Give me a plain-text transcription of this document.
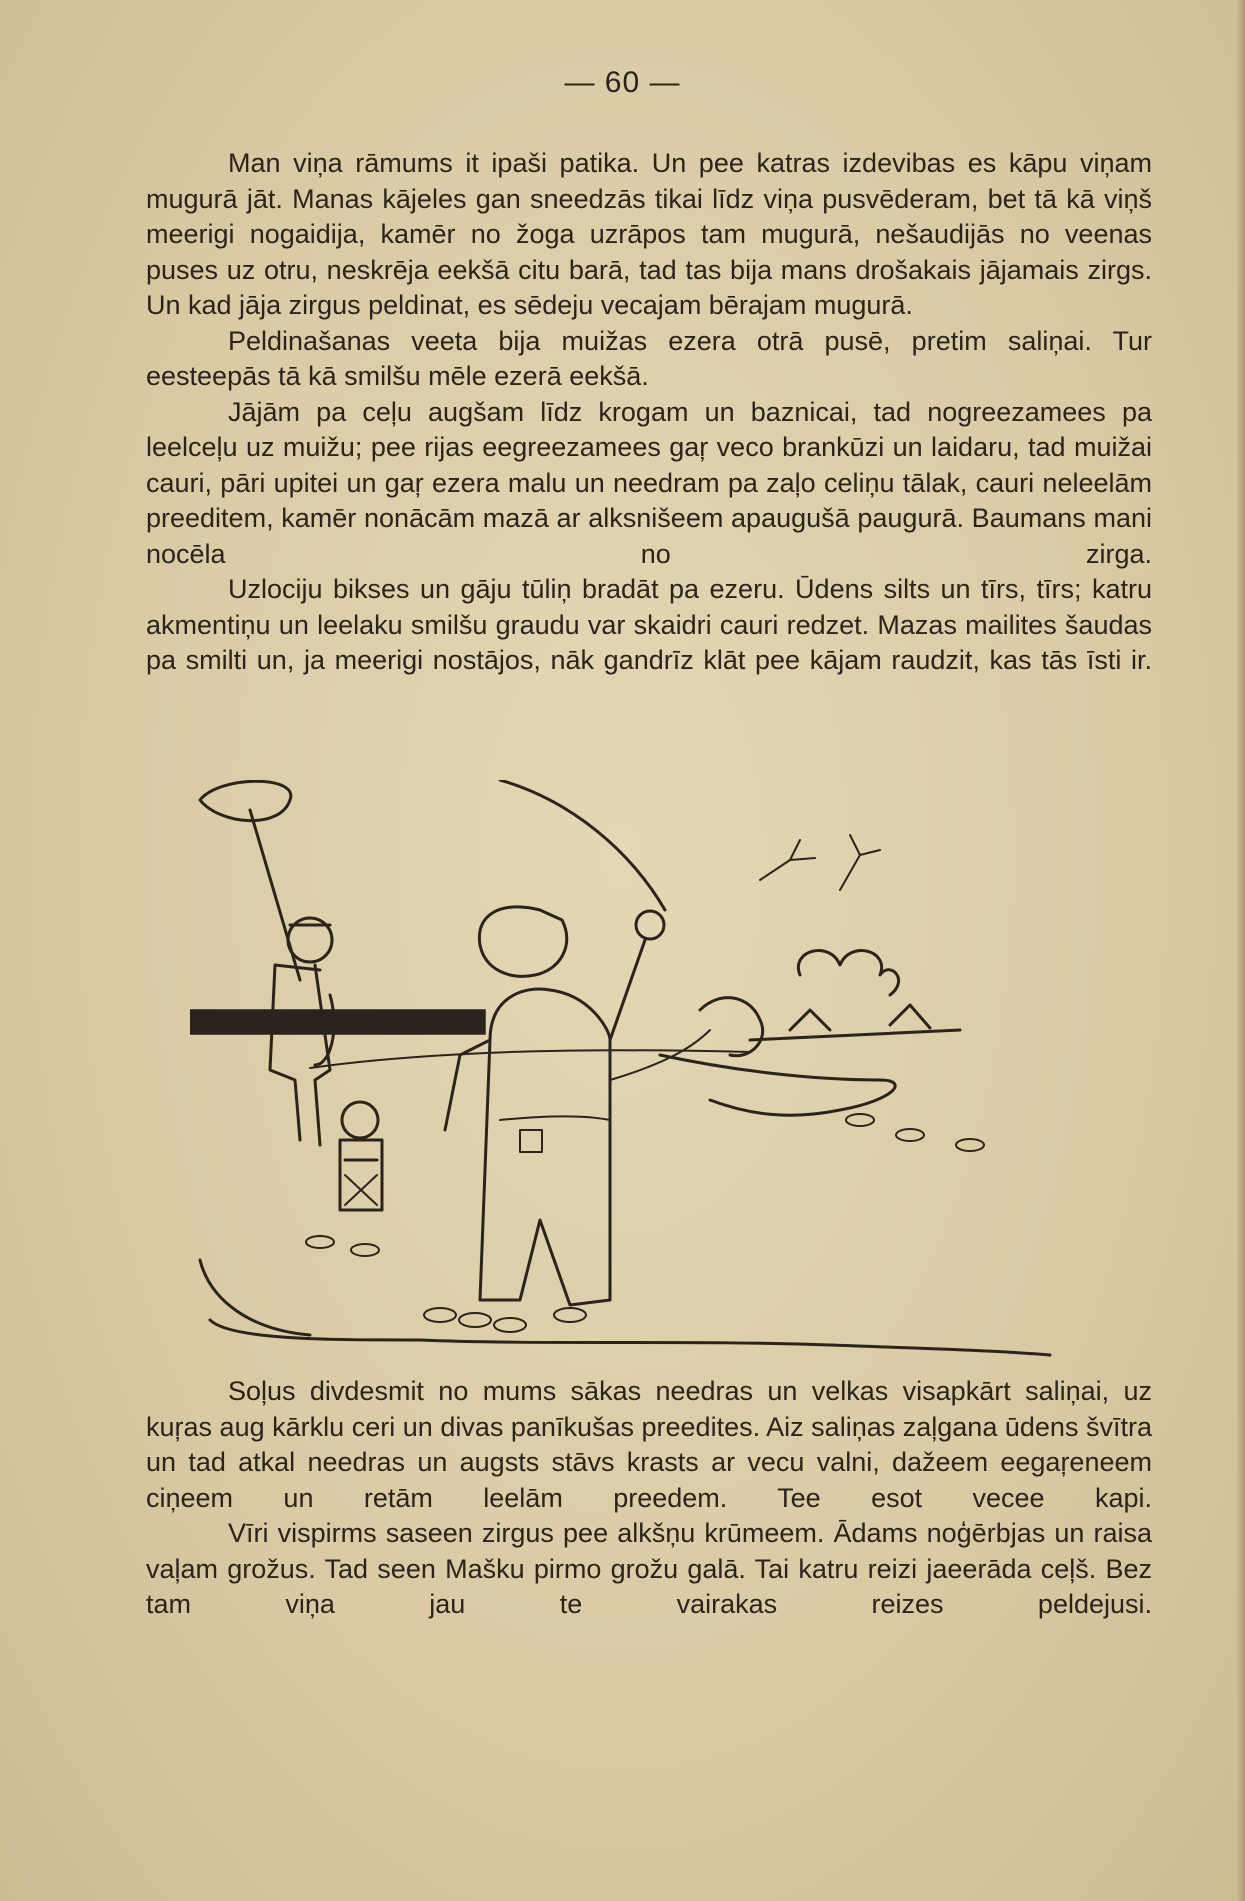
— 60 —

Man viņa rāmums it ipaši patika. Un pee katras izdevibas es kāpu viņam mugurā jāt. Manas kājeles gan sneedzās tikai līdz viņa pusvēderam, bet tā kā viņš meerigi nogaidija, kamēr no žoga uzrāpos tam mugurā, nešaudijās no veenas puses uz otru, neskrēja eekšā citu barā, tad tas bija mans drošakais jājamais zirgs. Un kad jāja zirgus peldinat, es sēdeju vecajam bērajam mugurā.

Peldinašanas veeta bija muižas ezera otrā pusē, pretim saliņai. Tur eesteepās tā kā smilšu mēle ezerā eekšā.

Jājām pa ceļu augšam līdz krogam un baznicai, tad nogreezamees pa leelceļu uz muižu; pee rijas eegreezamees gaŗ veco brankūzi un laidaru, tad muižai cauri, pāri upitei un gaŗ ezera malu un needram pa zaļo celiņu tālak, cauri neleelām preeditem, kamēr nonācām mazā ar alksnišeem apaugušā paugurā. Baumans mani nocēla no zirga.

Uzlociju bikses un gāju tūliņ bradāt pa ezeru. Ūdens silts un tīrs, tīrs; katru akmentiņu un leelaku smilšu graudu var skaidri cauri redzet. Mazas mailites šaudas pa smilti un, ja meerigi nostājos, nāk gandrīz klāt pee kājam raudzit, kas tās īsti ir.

Soļus divdesmit no mums sākas needras un velkas visapkārt saliņai, uz kuŗas aug kārklu ceri un divas panīkušas preedites. Aiz saliņas zaļgana ūdens švītra un tad atkal needras un augsts stāvs krasts ar vecu valni, dažeem eegaŗeneem ciņeem un retām leelām preedem. Tee esot vecee kapi.

Vīri vispirms saseen zirgus pee alkšņu krūmeem. Ādams noģērbjas un raisa vaļam grožus. Tad seen Mašku pirmo grožu galā. Tai katru reizi jaeerāda ceļš. Bez tam viņa jau te vairakas reizes peldejusi.
